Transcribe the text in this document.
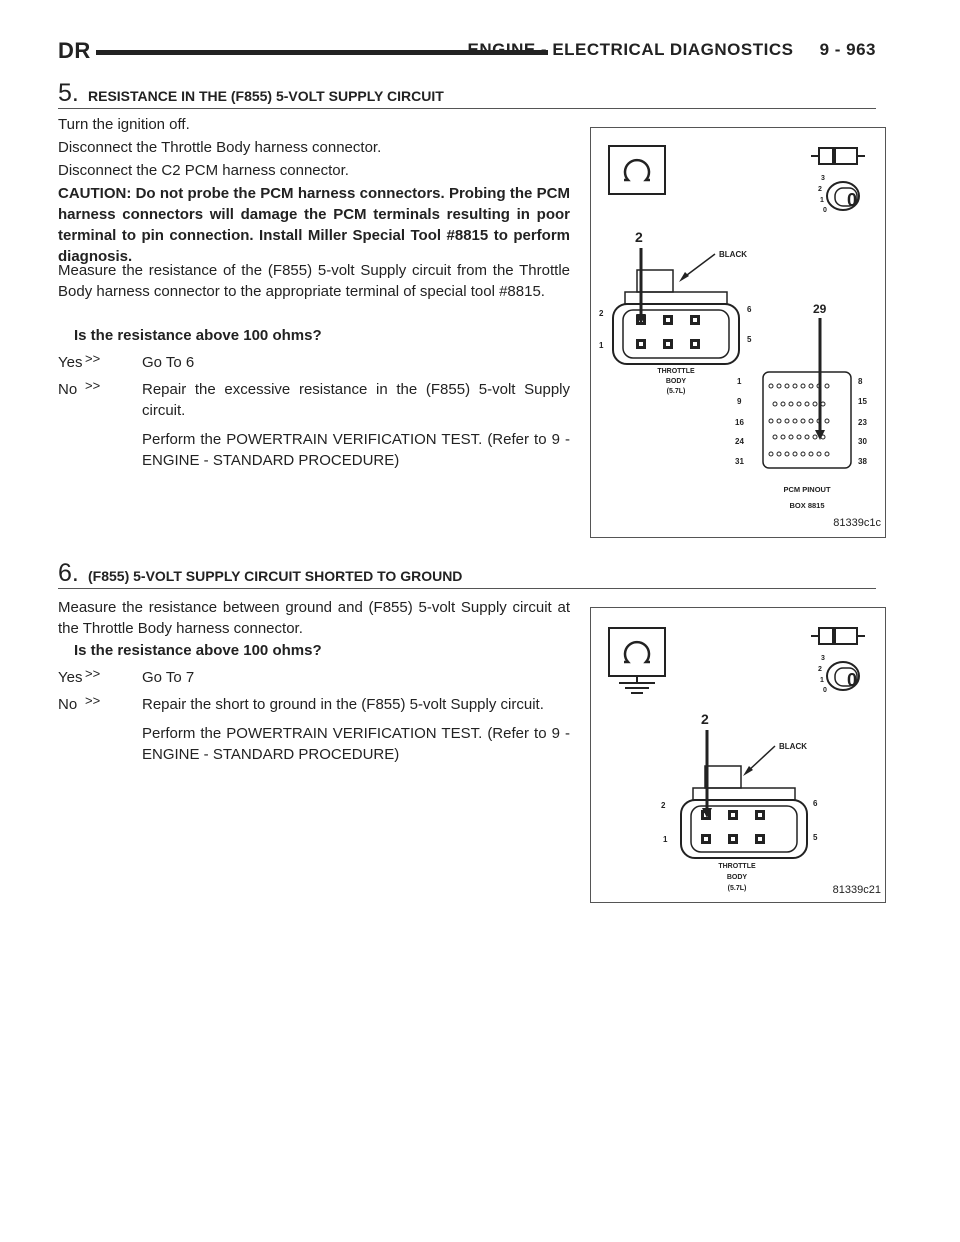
DR	ENGINE - ELECTRICAL DIAGNOSTICS     9 - 963
5. RESISTANCE IN THE (F855) 5-VOLT SUPPLY CIRCUIT
Turn the ignition off.
Disconnect the Throttle Body harness connector.
Disconnect the C2 PCM harness connector.
CAUTION: Do not probe the PCM harness connectors. Probing the PCM harness connectors will damage the PCM terminals resulting in poor terminal to pin connection. Install Miller Special Tool #8815 to perform diagnosis.
Measure the resistance of the (F855) 5-volt Supply circuit from the Throttle Body harness connector to the appropriate terminal of special tool #8815.
Is the resistance above 100 ohms?
Yes >>	Go To 6
No >>	Repair the excessive resistance in the (F855) 5-volt Supply circuit.

Perform the POWERTRAIN VERIFICATION TEST. (Refer to 9 - ENGINE - STANDARD PROCEDURE)

3
2
1
0
0
2
1
6
5
THROTTLE
BODY
(5.7L)
BLACK
2
1
9
16
24
31
8
15
23
30
38
PCM PINOUT
BOX 8815
29
81339c1c
6. (F855) 5-VOLT SUPPLY CIRCUIT SHORTED TO GROUND
Measure the resistance between ground and (F855) 5-volt Supply circuit at the Throttle Body harness connector.
Is the resistance above 100 ohms?
Yes >>	Go To 7
No >>	Repair the short to ground in the (F855) 5-volt Supply circuit.

Perform the POWERTRAIN VERIFICATION TEST. (Refer to 9 - ENGINE - STANDARD PROCEDURE)

3
2
1
0
0
2
1
6
5
THROTTLE
BODY
(5.7L)
BLACK
2
81339c21
